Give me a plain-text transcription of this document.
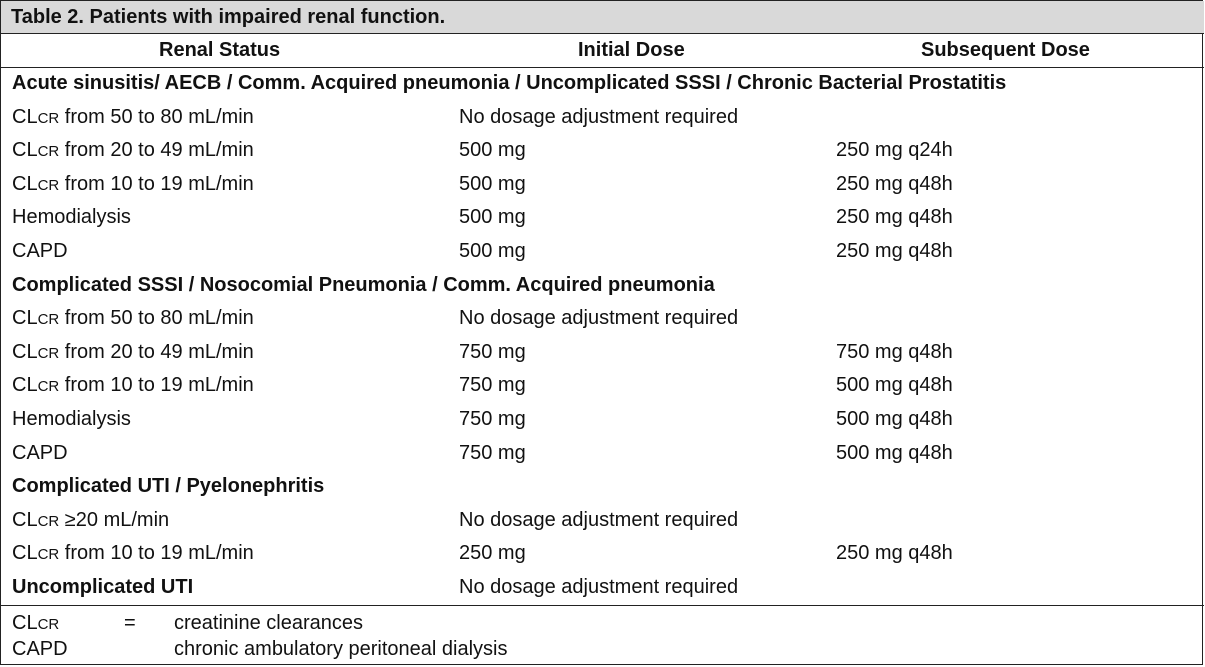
Table 2. Patients with impaired renal function.
Renal Status	Initial Dose	Subsequent Dose
Acute sinusitis/ AECB / Comm. Acquired pneumonia / Uncomplicated SSSI / Chronic Bacterial Prostatitis
CLCR from 50 to 80 mL/min	No dosage adjustment required
CLCR from 20 to 49 mL/min	500 mg	250 mg q24h
CLCR from 10 to 19 mL/min	500 mg	250 mg q48h
Hemodialysis	500 mg	250 mg q48h
CAPD	500 mg	250 mg q48h
Complicated SSSI / Nosocomial Pneumonia / Comm. Acquired pneumonia
CLCR from 50 to 80 mL/min	No dosage adjustment required
CLCR from 20 to 49 mL/min	750 mg	750 mg q48h
CLCR from 10 to 19 mL/min	750 mg	500 mg q48h
Hemodialysis	750 mg	500 mg q48h
CAPD	750 mg	500 mg q48h
Complicated UTI / Pyelonephritis
CLCR ≥20 mL/min	No dosage adjustment required
CLCR from 10 to 19 mL/min	250 mg	250 mg q48h
Uncomplicated UTI	No dosage adjustment required
CLCR	= creatinine clearances
CAPD	chronic ambulatory peritoneal dialysis
